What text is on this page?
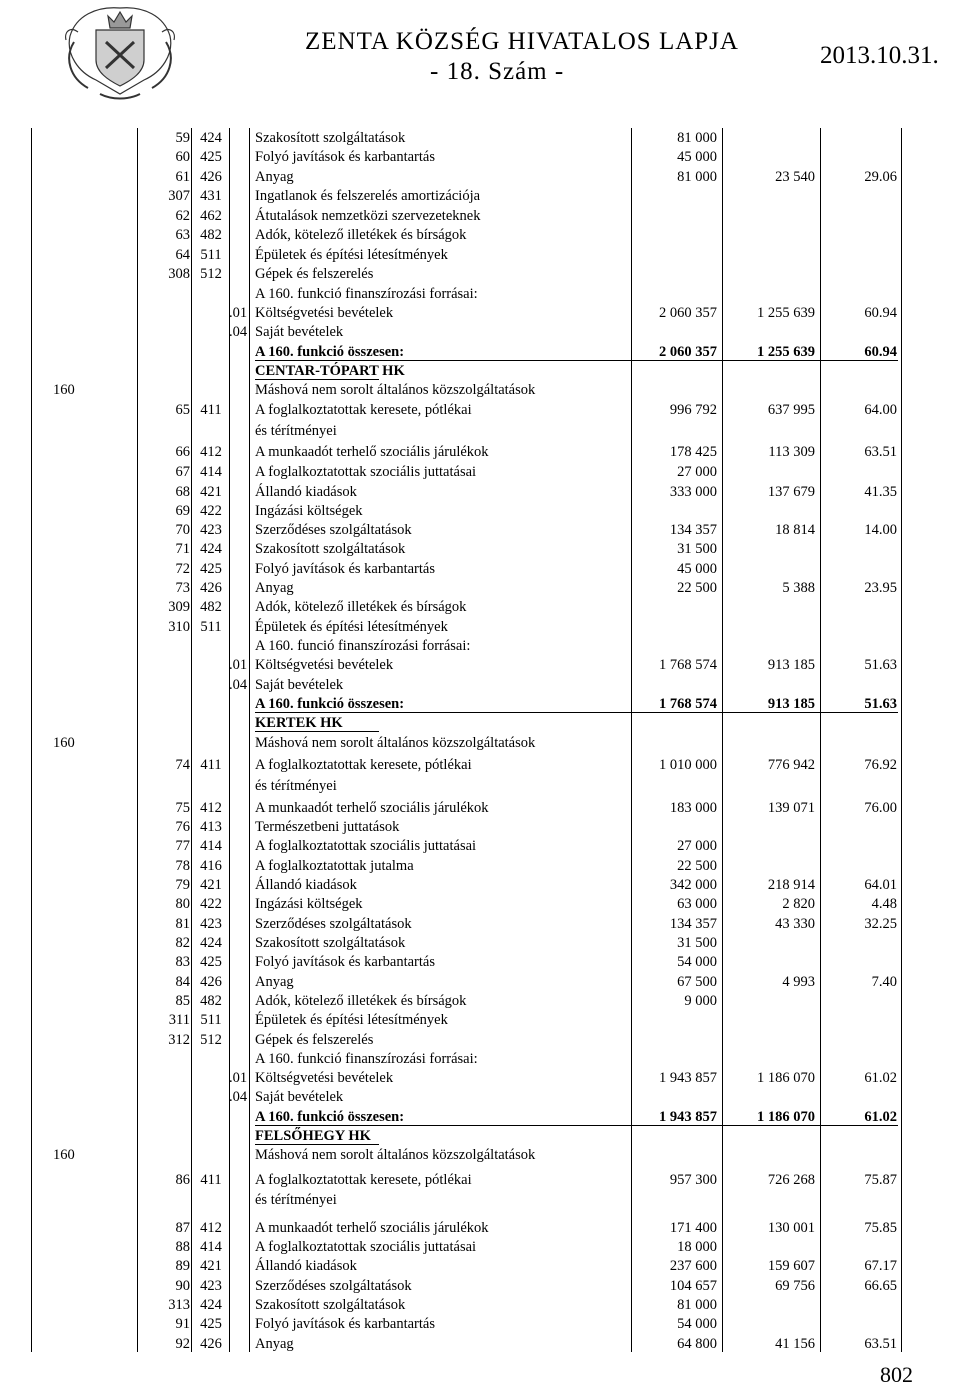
ZENTA KÖZSÉG HIVATALOS LAPJA
- 18. Szám -
2013.10.31.
59 424 Szakosított szolgáltatások	81 000
60 425 Folyó javítások és karbantartás	45 000
61 426 Anyag	81 000	23 540	29.06
307 431 Ingatlanok és felszerelés amortizációja
62 462 Átutalások nemzetközi szervezeteknek
63 482 Adók, kötelező illetékek és bírságok
64 511	Épületek és építési létesítmények
308 512 Gépek és felszerelés
A 160. funkció finanszírozási forrásai:
.01 Költségvetési bevételek	2 060 357	1 255 639	60.94
.04 Saját bevételek
A 160. funkció összesen:	2 060 357	1 255 639	60.94
CENTAR-TÓPART HK
160	Máshová nem sorolt általános közszolgáltatások
65 411	A foglalkoztatottak keresete, pótlékai	996 792	637 995	64.00
és térítményei
66 412 A munkaadót terhelő szociális járulékok	178 425	113 309	63.51
67 414 A foglalkoztatottak szociális juttatásai	27 000
68 421 Állandó kiadások	333 000	137 679	41.35
69 422 Ingázási költségek
70 423 Szerződéses szolgáltatások	134 357	18 814	14.00
71 424 Szakosított szolgáltatások	31 500
72 425 Folyó javítások és karbantartás	45 000
73 426 Anyag	22 500	5 388	23.95
309 482 Adók, kötelező illetékek és bírságok
310 511	Épületek és építési létesítmények
A 160. funció finanszírozási forrásai:
.01 Költségvetési bevételek	1 768 574	913 185	51.63
.04 Saját bevételek
A 160. funkció összesen:	1 768 574	913 185	51.63
KERTEK HK
160	Máshová nem sorolt általános közszolgáltatások
74 411	A foglalkoztatottak keresete, pótlékai	1 010 000	776 942	76.92
és térítményei
75 412 A munkaadót terhelő szociális járulékok	183 000	139 071	76.00
76 413 Természetbeni juttatások
77 414 A foglalkoztatottak szociális juttatásai	27 000
78 416 A foglalkoztatottak jutalma	22 500
79 421 Állandó kiadások	342 000	218 914	64.01
80 422 Ingázási költségek	63 000	2 820	4.48
81 423 Szerződéses szolgáltatások	134 357	43 330	32.25
82 424 Szakosított szolgáltatások	31 500
83 425 Folyó javítások és karbantartás	54 000
84 426 Anyag	67 500	4 993	7.40
85 482 Adók, kötelező illetékek és bírságok	9 000
311 511	Épületek és építési létesítmények
312 512 Gépek és felszerelés
A 160. funkció finanszírozási forrásai:
.01 Költségvetési bevételek	1 943 857	1 186 070	61.02
.04 Saját bevételek
A 160. funkció összesen:	1 943 857	1 186 070	61.02
FELSŐHEGY HK
160	Máshová nem sorolt általános közszolgáltatások
86 411	A foglalkoztatottak keresete, pótlékai	957 300	726 268	75.87
és térítményei
87 412 A munkaadót terhelő szociális járulékok	171 400	130 001	75.85
88 414 A foglalkoztatottak szociális juttatásai	18 000
89 421 Állandó kiadások	237 600	159 607	67.17
90 423 Szerződéses szolgáltatások	104 657	69 756	66.65
313 424 Szakosított szolgáltatások	81 000
91 425 Folyó javítások és karbantartás	54 000
92 426 Anyag	64 800	41 156	63.51
802
